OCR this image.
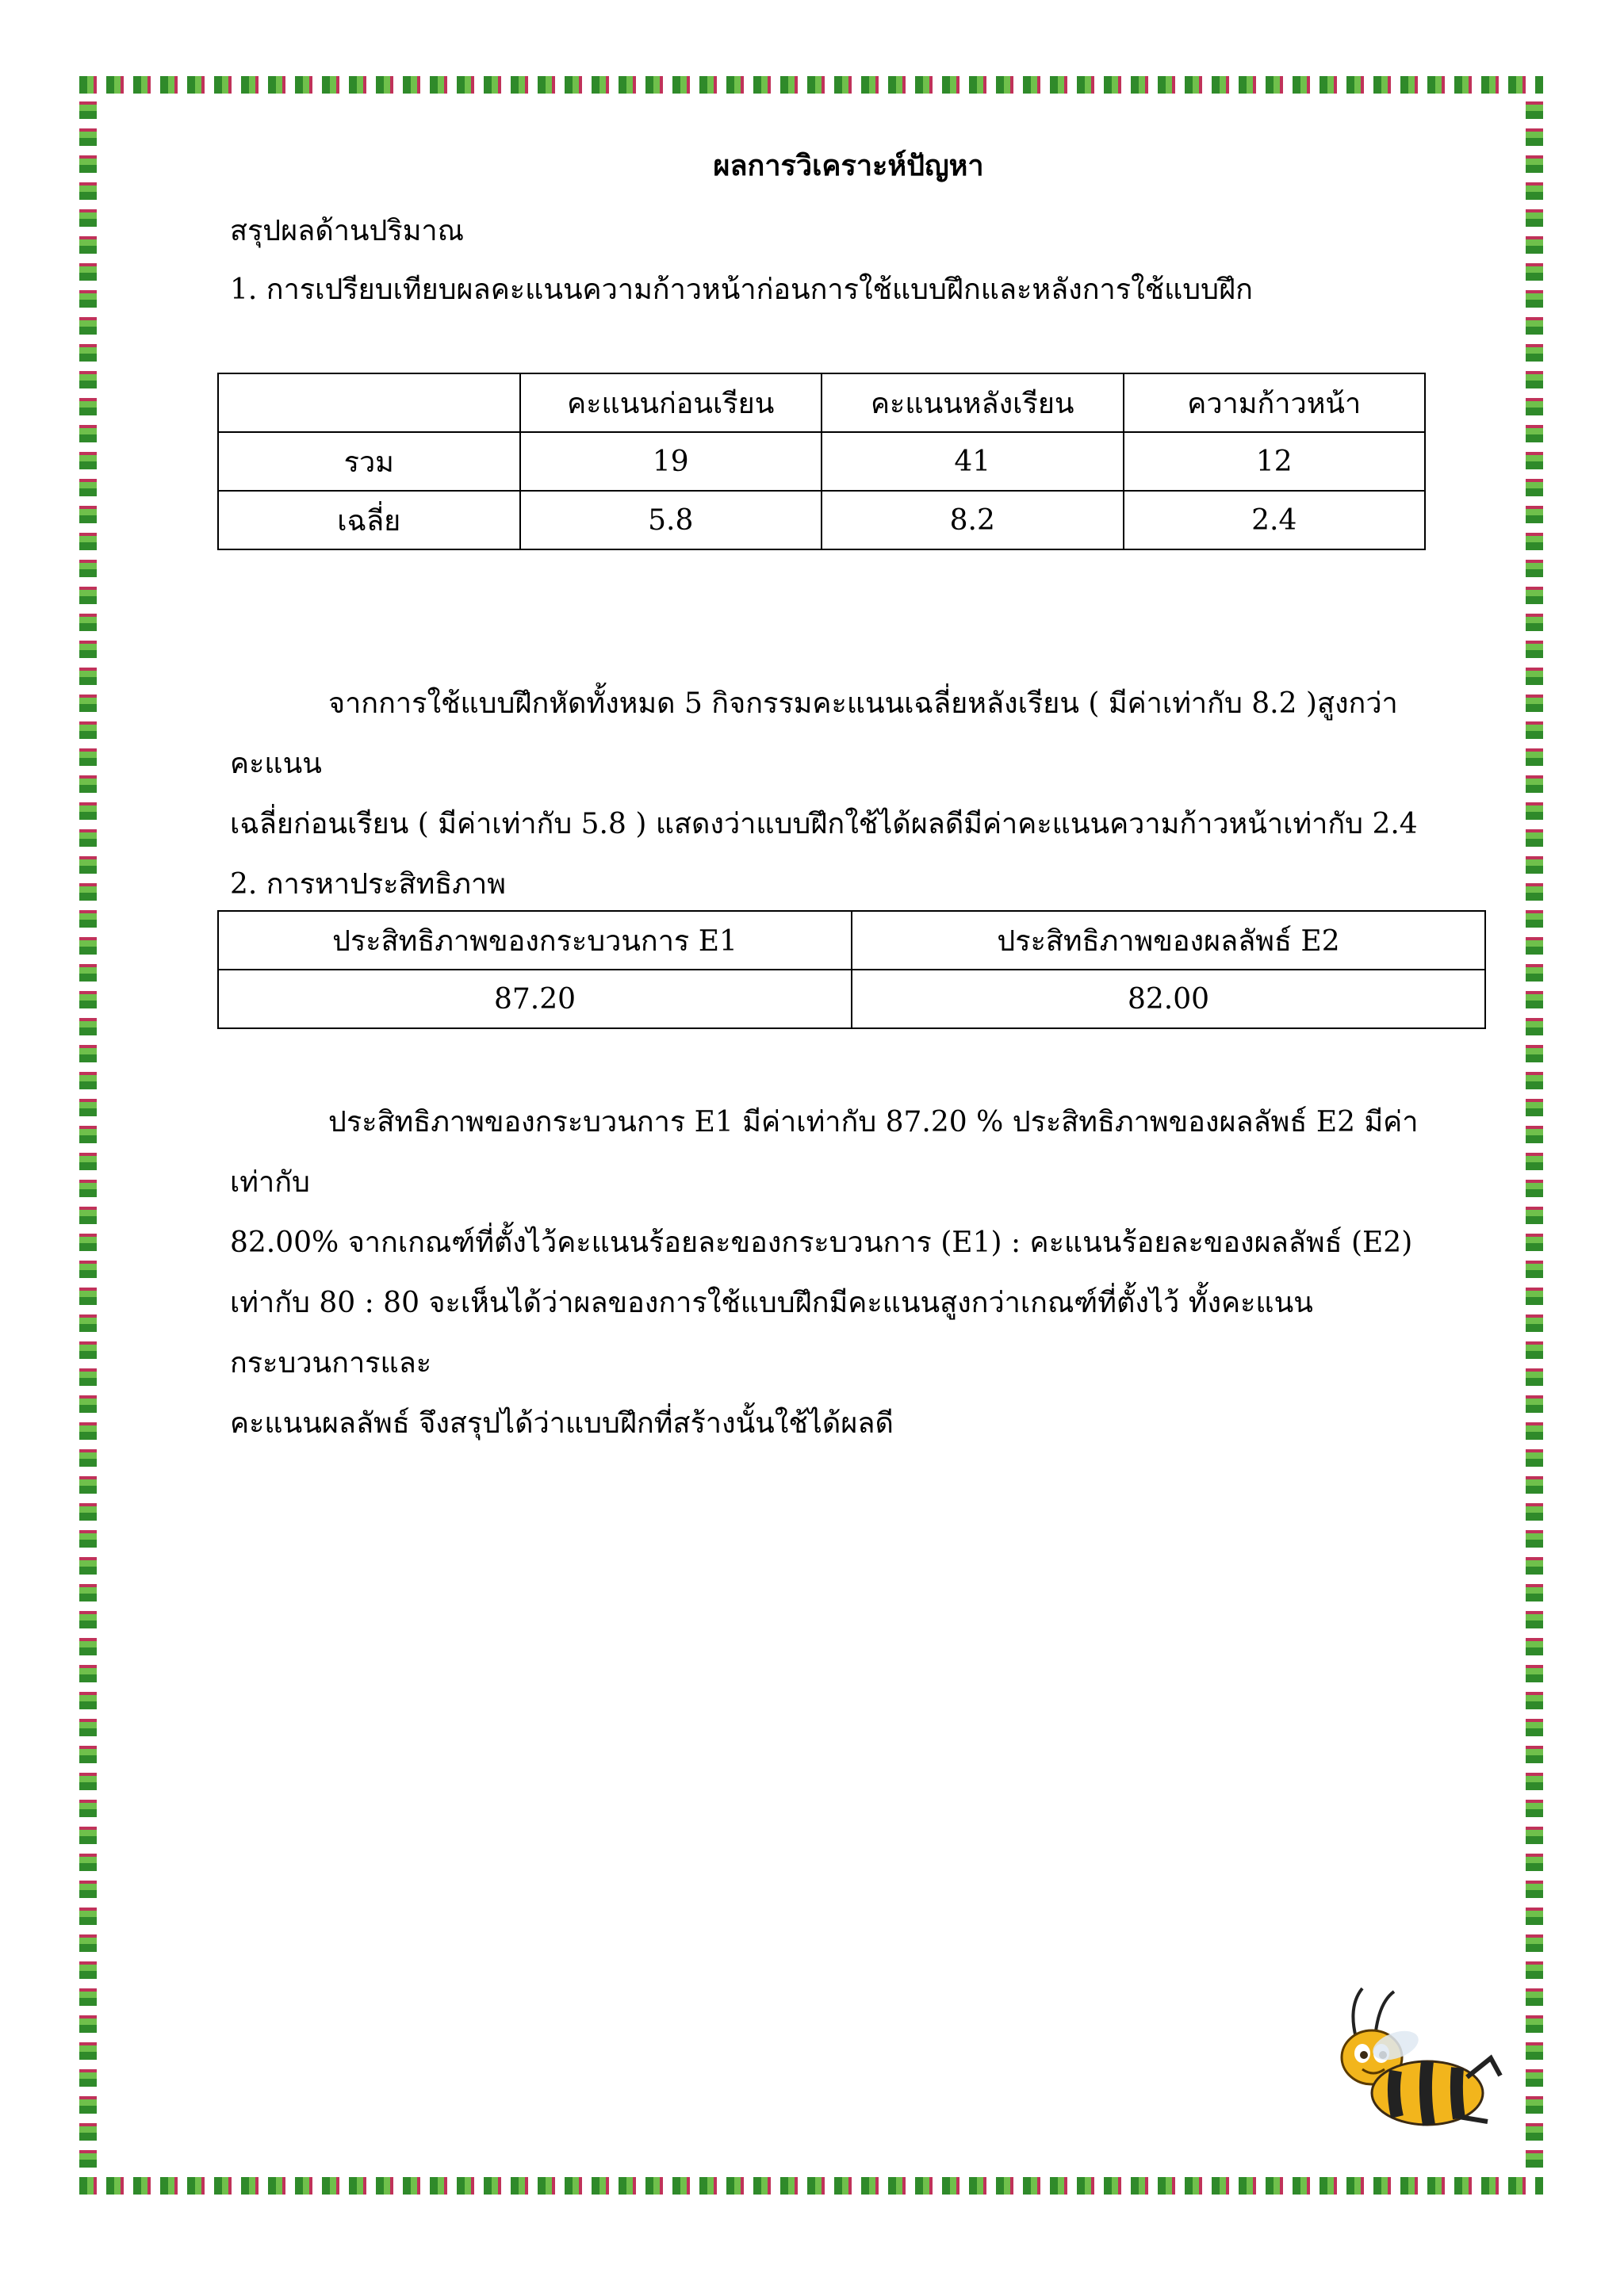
ผลการวิเคราะห์ปัญหา

สรุปผลด้านปริมาณ

1. การเปรียบเทียบผลคะแนนความก้าวหน้าก่อนการใช้แบบฝึกและหลังการใช้แบบฝึก

	คะแนนก่อนเรียน	คะแนนหลังเรียน	ความก้าวหน้า
รวม	19	41	12
เฉลี่ย	5.8	8.2	2.4

จากการใช้แบบฝึกหัดทั้งหมด 5 กิจกรรมคะแนนเฉลี่ยหลังเรียน ( มีค่าเท่ากับ 8.2 )สูงกว่าคะแนน

เฉลี่ยก่อนเรียน ( มีค่าเท่ากับ 5.8 ) แสดงว่าแบบฝึกใช้ได้ผลดีมีค่าคะแนนความก้าวหน้าเท่ากับ 2.4

2. การหาประสิทธิภาพ

ประสิทธิภาพของกระบวนการ E1	ประสิทธิภาพของผลลัพธ์ E2
87.20	82.00

ประสิทธิภาพของกระบวนการ E1 มีค่าเท่ากับ 87.20 % ประสิทธิภาพของผลลัพธ์ E2 มีค่าเท่ากับ

82.00% จากเกณฑ์ที่ตั้งไว้คะแนนร้อยละของกระบวนการ (E1) : คะแนนร้อยละของผลลัพธ์ (E2)

เท่ากับ 80 : 80 จะเห็นได้ว่าผลของการใช้แบบฝึกมีคะแนนสูงกว่าเกณฑ์ที่ตั้งไว้ ทั้งคะแนนกระบวนการและ

คะแนนผลลัพธ์ จึงสรุปได้ว่าแบบฝึกที่สร้างนั้นใช้ได้ผลดี
